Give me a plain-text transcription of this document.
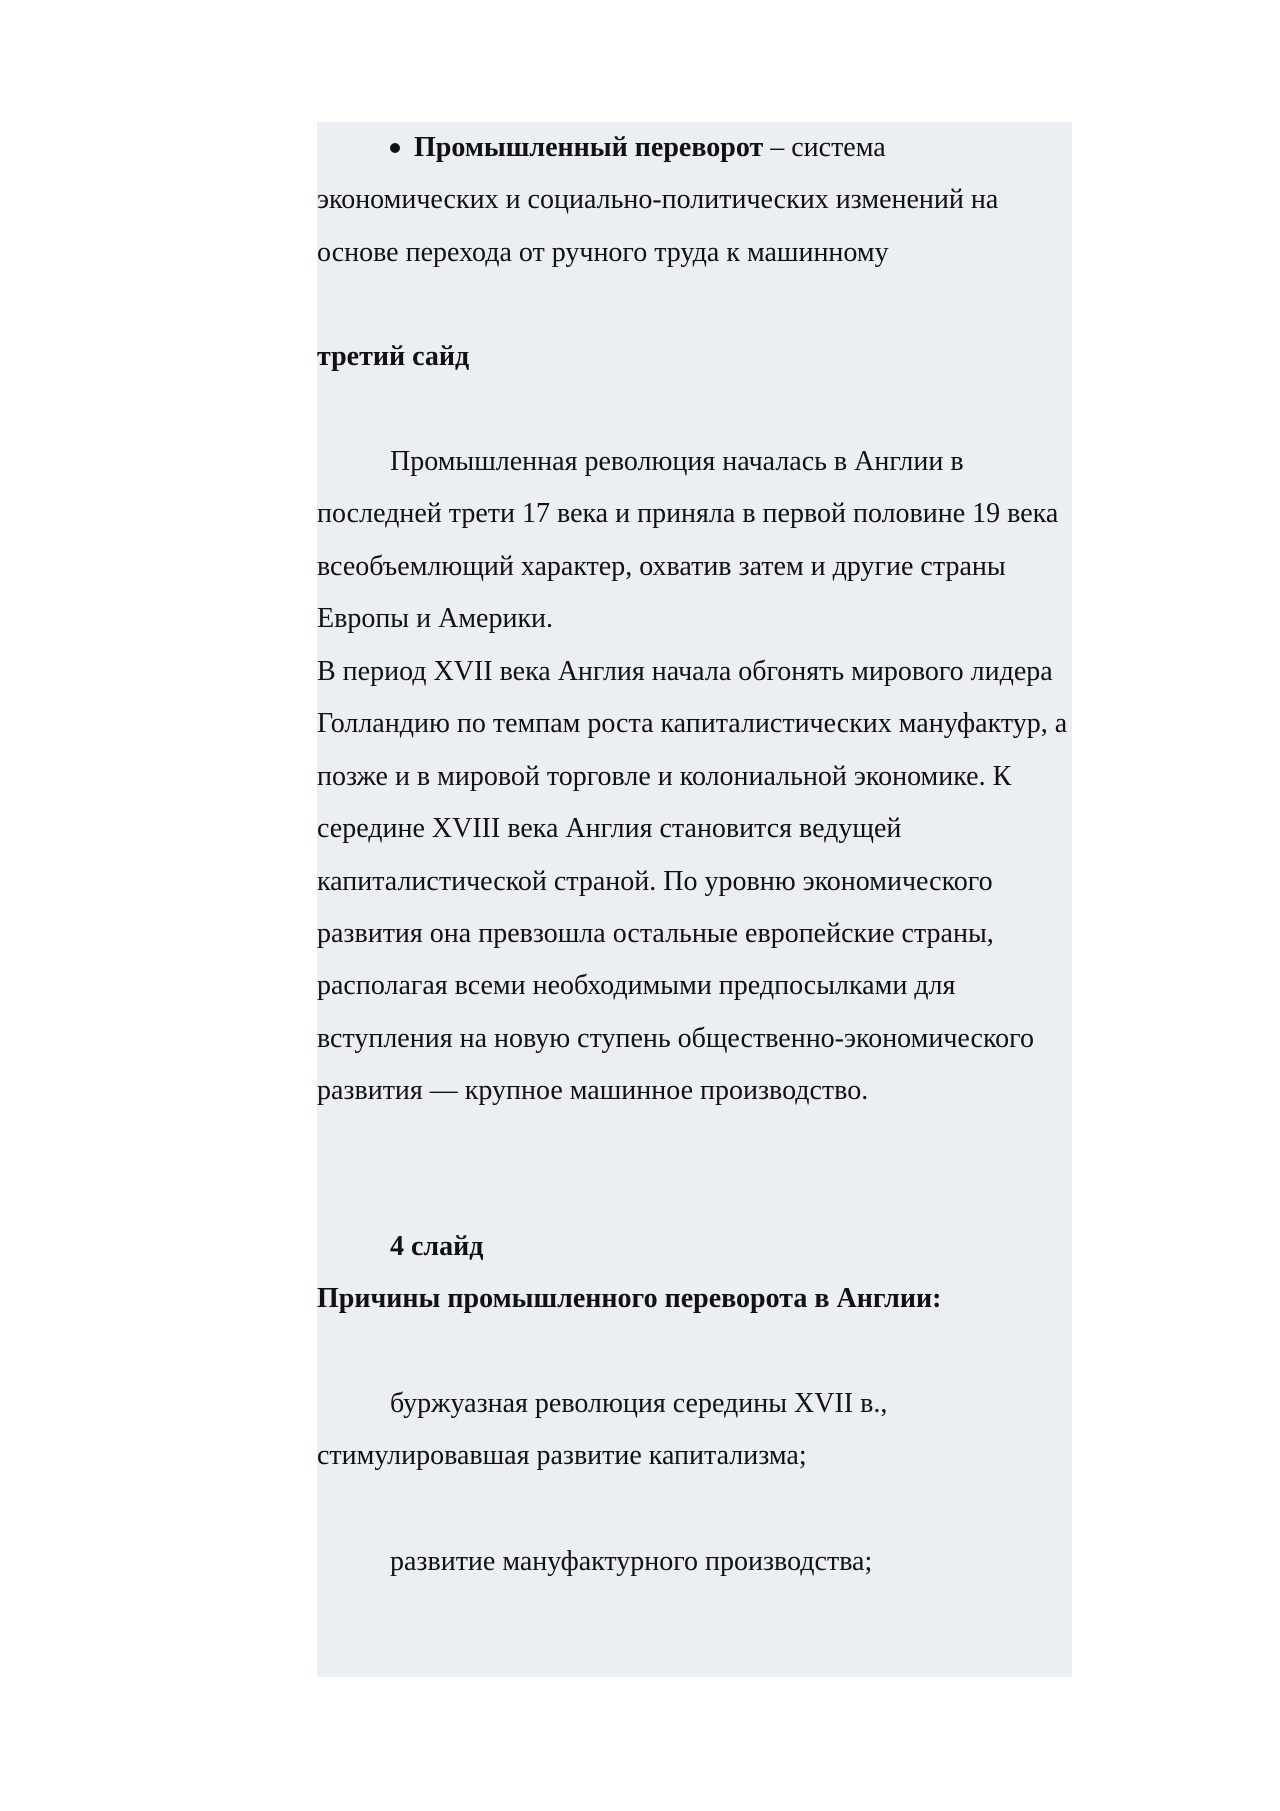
Промышленный переворот – система экономических и социально-политических изменений на основе перехода от ручного труда к машинному

третий сайд

Промышленная революция началась в Англии в последней трети 17 века и приняла в первой половине 19 века всеобъемлющий характер, охватив затем и другие страны Европы и Америки.

В период XVII века Англия начала обгонять мирового лидера Голландию по темпам роста капиталистических мануфактур, а позже и в мировой торговле и колониальной экономике. К середине XVIII века Англия становится ведущей капиталистической страной. По уровню экономического развития она превзошла остальные европейские страны, располагая всеми необходимыми предпосылками для вступления на новую ступень общественно-экономического развития — крупное машинное производство.

4 слайд

Причины промышленного переворота в Англии:

буржуазная революция середины XVII в., стимулировавшая развитие капитализма;

развитие мануфактурного производства;
